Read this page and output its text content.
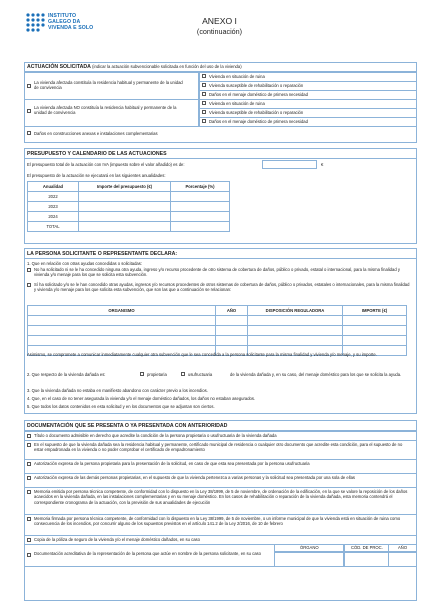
INSTITUTO
GALEGO DA
VIVENDA E SOLO
ANEXO I
(continuación)
ACTUACIÓN SOLICITADA (indicar la actuación subvencionable solicitada en función del uso de la vivienda)
La vivienda afectada constituía la residencia habitual y permanente de la unidad de convivencia
Vivienda en situación de ruina
Vivienda susceptible de rehabilitación o reparación
Daños en el menaje doméstico de primera necesidad
La vivienda afectada NO constituía la residencia habitual y permanente de la unidad de convivencia
Vivienda en situación de ruina
Vivienda susceptible de rehabilitación o reparación
Daños en el menaje doméstico de primera necesidad
Daños en construcciones anexas e instalaciones complementarias
PRESUPUESTO Y CALENDARIO DE LAS ACTUACIONES
El presupuesto total de la actuación con IVA (impuesto sobre el valor añadido) es de:	€
El presupuesto de la actuación se ejecutará en las siguientes anualidades:
Anualidad	Importe del presupuesto (€)	Porcentaje (%)
2022		
2023		
2024		
TOTAL		
LA PERSONA SOLICITANTE O REPRESENTANTE DECLARA:
1. Que en relación con otras ayudas concedidas o solicitadas:
No ha solicitado ni se le ha concedido ninguna otra ayuda, ingreso y/o recurso procedente de otro sistema de cobertura de daños, público o privado, estatal o internacional, para la misma finalidad y vivienda y/o menaje para los que se solicita esta subvención.
Sí ha solicitado y/o se le han concedido otras ayudas, ingresos y/o recursos procedentes de otros sistemas de cobertura de daños, público o privados, estatales o internacionales, para la misma finalidad y vivienda y/o menaje para los que solicita esta subvención, que son las que a continuación se relacionan:
ORGANISMO	AÑO	DISPOSICIÓN REGULADORA	IMPORTE (€)

Asimismo, se compromete a comunicar inmediatamente cualquier otra subvención que le sea concedida a la persona solicitante para la misma finalidad y vivienda y/o menaje, y su importe.
2. Que respecto de la vivienda dañada es:	propietaria	usufructuaria	de la vivienda dañada y, en su caso, del menaje doméstico para los que se solicita la ayuda.
3. Que la vivienda dañada no estaba en manifiesto abandono con carácter previo a los incendios.
4. Que, en el caso de no tener asegurada la vivienda y/o el menaje doméstico dañados, los daños no estaban asegurados.
5. Que todos los datos contenidos en esta solicitud y en los documentos que se adjuntan son ciertos.
DOCUMENTACIÓN QUE SE PRESENTA O YA PRESENTADA CON ANTERIORIDAD
Título o documento admisible en derecho que acredite la condición de la persona propietaria o usufructuaria de la vivienda dañada
En el supuesto de que la vivienda dañada sea la residencia habitual y permanente, certificado municipal de residencia o cualquier otro documento que acredite esta condición, para el supuesto de no estar empadronada en la vivienda o no poder comprobar el certificado de empadronamiento
Autorización expresa de la persona propietaria para la presentación de la solicitud, en caso de que esta sea presentada por la persona usufructuaria
Autorización expresa de las demás personas propietarias, en el supuesto de que la vivienda pertenezca a varias personas y la solicitud sea presentada por una sola de ellas
Memoria emitida por persona técnica competente, de conformidad con lo dispuesto en la Ley 38/1999, de 5 de noviembre, de ordenación de la edificación, en la que se valore la reposición de los daños acaecidos en la vivienda dañada, en las instalaciones complementarias y en su menaje doméstico. En los casos de rehabilitación o reparación de la vivienda dañada, esta memoria contendrá el correspondiente cronograma de la actuación, con la previsión de sus anualidades de ejecución
Memoria firmada por persona técnica competente, de conformidad con lo dispuesto en la Ley 38/1999, de 5 de noviembre, o un informe municipal de que la vivienda está en situación de ruina como consecuencia de los incendios, por concurrir alguno de los supuestos previstos en el artículo 141.2 de la Ley 2/2016, de 10 de febrero
Copia de la póliza de seguro de la vivienda y/o el menaje doméstico dañados, en su caso
ÓRGANO	CÓD. DE PROC.	AÑO
Documentación acreditativa de la representación de la persona que actúe en nombre de la persona solicitante, en su caso
